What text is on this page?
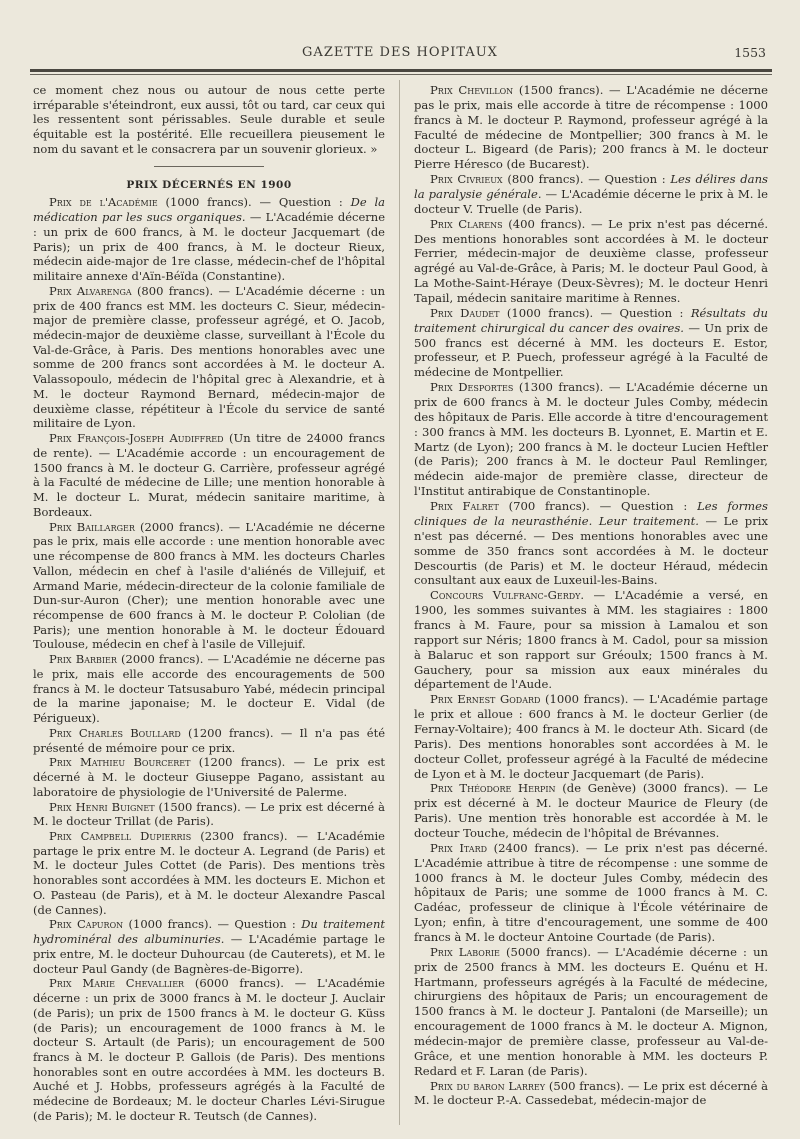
GAZETTE DES HOPITAUX	1553

ce moment chez nous ou autour de nous cette perte irréparable s'éteindront, eux aussi, tôt ou tard, car ceux qui les ressentent sont périssables. Seule durable et seule équitable est la postérité. Elle recueillera pieusement le nom du savant et le consacrera par un souvenir glorieux. »

PRIX DÉCERNÉS EN 1900

Prix de l'Académie (1000 francs). — Question : De la médication par les sucs organiques. — L'Académie décerne : un prix de 600 francs, à M. le docteur Jacquemart (de Paris); un prix de 400 francs, à M. le docteur Rieux, médecin aide-major de 1re classe, médecin-chef de l'hôpital militaire annexe d'Aïn-Béïda (Constantine).

Prix Alvarenga (800 francs). — L'Académie décerne : un prix de 400 francs est MM. les docteurs C. Sieur, médecin-major de première classe, professeur agrégé, et O. Jacob, médecin-major de deuxième classe, surveillant à l'École du Val-de-Grâce, à Paris. Des mentions honorables avec une somme de 200 francs sont accordées à M. le docteur A. Valassopoulo, médecin de l'hôpital grec à Alexandrie, et à M. le docteur Raymond Bernard, médecin-major de deuxième classe, répétiteur à l'École du service de santé militaire de Lyon.

Prix François-Joseph Audiffred (Un titre de 24000 francs de rente). — L'Académie accorde : un encouragement de 1500 francs à M. le docteur G. Carrière, professeur agrégé à la Faculté de médecine de Lille; une mention honorable à M. le docteur L. Murat, médecin sanitaire maritime, à Bordeaux.

Prix Baillarger (2000 francs). — L'Académie ne décerne pas le prix, mais elle accorde : une mention honorable avec une récompense de 800 francs à MM. les docteurs Charles Vallon, médecin en chef à l'asile d'aliénés de Villejuif, et Armand Marie, médecin-directeur de la colonie familiale de Dun-sur-Auron (Cher); une mention honorable avec une récompense de 600 francs à M. le docteur P. Cololian (de Paris); une mention honorable à M. le docteur Édouard Toulouse, médecin en chef à l'asile de Villejuif.

Prix Barbier (2000 francs). — L'Académie ne décerne pas le prix, mais elle accorde des encouragements de 500 francs à M. le docteur Tatsusaburo Yabé, médecin principal de la marine japonaise; M. le docteur E. Vidal (de Périgueux).

Prix Charles Boullard (1200 francs). — Il n'a pas été présenté de mémoire pour ce prix.

Prix Mathieu Bourceret (1200 francs). — Le prix est décerné à M. le docteur Giuseppe Pagano, assistant au laboratoire de physiologie de l'Université de Palerme.

Prix Henri Buignet (1500 francs). — Le prix est décerné à M. le docteur Trillat (de Paris).

Prix Campbell Dupierris (2300 francs). — L'Académie partage le prix entre M. le docteur A. Legrand (de Paris) et M. le docteur Jules Cottet (de Paris). Des mentions très honorables sont accordées à MM. les docteurs E. Michon et O. Pasteau (de Paris), et à M. le docteur Alexandre Pascal (de Cannes).

Prix Capuron (1000 francs). — Question : Du traitement hydrominéral des albuminuries. — L'Académie partage le prix entre, M. le docteur Duhourcau (de Cauterets), et M. le docteur Paul Gandy (de Bagnères-de-Bigorre).

Prix Marie Chevallier (6000 francs). — L'Académie décerne : un prix de 3000 francs à M. le docteur J. Auclair (de Paris); un prix de 1500 francs à M. le docteur G. Küss (de Paris); un encouragement de 1000 francs à M. le docteur S. Artault (de Paris); un encouragement de 500 francs à M. le docteur P. Gallois (de Paris). Des mentions honorables sont en outre accordées à MM. les docteurs B. Auché et J. Hobbs, professeurs agrégés à la Faculté de médecine de Bordeaux; M. le docteur Charles Lévi-Sirugue (de Paris); M. le docteur R. Teutsch (de Cannes).

Prix Chevillon (1500 francs). — L'Académie ne décerne pas le prix, mais elle accorde à titre de récompense : 1000 francs à M. le docteur P. Raymond, professeur agrégé à la Faculté de médecine de Montpellier; 300 francs à M. le docteur L. Bigeard (de Paris); 200 francs à M. le docteur Pierre Héresco (de Bucarest).

Prix Civrieux (800 francs). — Question : Les délires dans la paralysie générale. — L'Académie décerne le prix à M. le docteur V. Truelle (de Paris).

Prix Clarens (400 francs). — Le prix n'est pas décerné. Des mentions honorables sont accordées à M. le docteur Ferrier, médecin-major de deuxième classe, professeur agrégé au Val-de-Grâce, à Paris; M. le docteur Paul Good, à La Mothe-Saint-Héraye (Deux-Sèvres); M. le docteur Henri Tapail, médecin sanitaire maritime à Rennes.

Prix Daudet (1000 francs). — Question : Résultats du traitement chirurgical du cancer des ovaires. — Un prix de 500 francs est décerné à MM. les docteurs E. Estor, professeur, et P. Puech, professeur agrégé à la Faculté de médecine de Montpellier.

Prix Desportes (1300 francs). — L'Académie décerne un prix de 600 francs à M. le docteur Jules Comby, médecin des hôpitaux de Paris. Elle accorde à titre d'encouragement : 300 francs à MM. les docteurs B. Lyonnet, E. Martin et E. Martz (de Lyon); 200 francs à M. le docteur Lucien Heftler (de Paris); 200 francs à M. le docteur Paul Remlinger, médecin aide-major de première classe, directeur de l'Institut antirabique de Constantinople.

Prix Falret (700 francs). — Question : Les formes cliniques de la neurasthénie. Leur traitement. — Le prix n'est pas décerné. — Des mentions honorables avec une somme de 350 francs sont accordées à M. le docteur Descourtis (de Paris) et M. le docteur Héraud, médecin consultant aux eaux de Luxeuil-les-Bains.

Concours Vulfranc-Gerdy. — L'Académie a versé, en 1900, les sommes suivantes à MM. les stagiaires : 1800 francs à M. Faure, pour sa mission à Lamalou et son rapport sur Néris; 1800 francs à M. Cadol, pour sa mission à Balaruc et son rapport sur Gréoulx; 1500 francs à M. Gauchery, pour sa mission aux eaux minérales du département de l'Aude.

Prix Ernest Godard (1000 francs). — L'Académie partage le prix et alloue : 600 francs à M. le docteur Gerlier (de Fernay-Voltaire); 400 francs à M. le docteur Ath. Sicard (de Paris). Des mentions honorables sont accordées à M. le docteur Collet, professeur agrégé à la Faculté de médecine de Lyon et à M. le docteur Jacquemart (de Paris).

Prix Théodore Herpin (de Genève) (3000 francs). — Le prix est décerné à M. le docteur Maurice de Fleury (de Paris). Une mention très honorable est accordée à M. le docteur Touche, médecin de l'hôpital de Brévannes.

Prix Itard (2400 francs). — Le prix n'est pas décerné. L'Académie attribue à titre de récompense : une somme de 1000 francs à M. le docteur Jules Comby, médecin des hôpitaux de Paris; une somme de 1000 francs à M. C. Cadéac, professeur de clinique à l'École vétérinaire de Lyon; enfin, à titre d'encouragement, une somme de 400 francs à M. le docteur Antoine Courtade (de Paris).

Prix Laborie (5000 francs). — L'Académie décerne : un prix de 2500 francs à MM. les docteurs E. Quénu et H. Hartmann, professeurs agrégés à la Faculté de médecine, chirurgiens des hôpitaux de Paris; un encouragement de 1500 francs à M. le docteur J. Pantaloni (de Marseille); un encouragement de 1000 francs à M. le docteur A. Mignon, médecin-major de première classe, professeur au Val-de-Grâce, et une mention honorable à MM. les docteurs P. Redard et F. Laran (de Paris).

Prix du baron Larrey (500 francs). — Le prix est décerné à M. le docteur P.-A. Cassedebat, médecin-major de
